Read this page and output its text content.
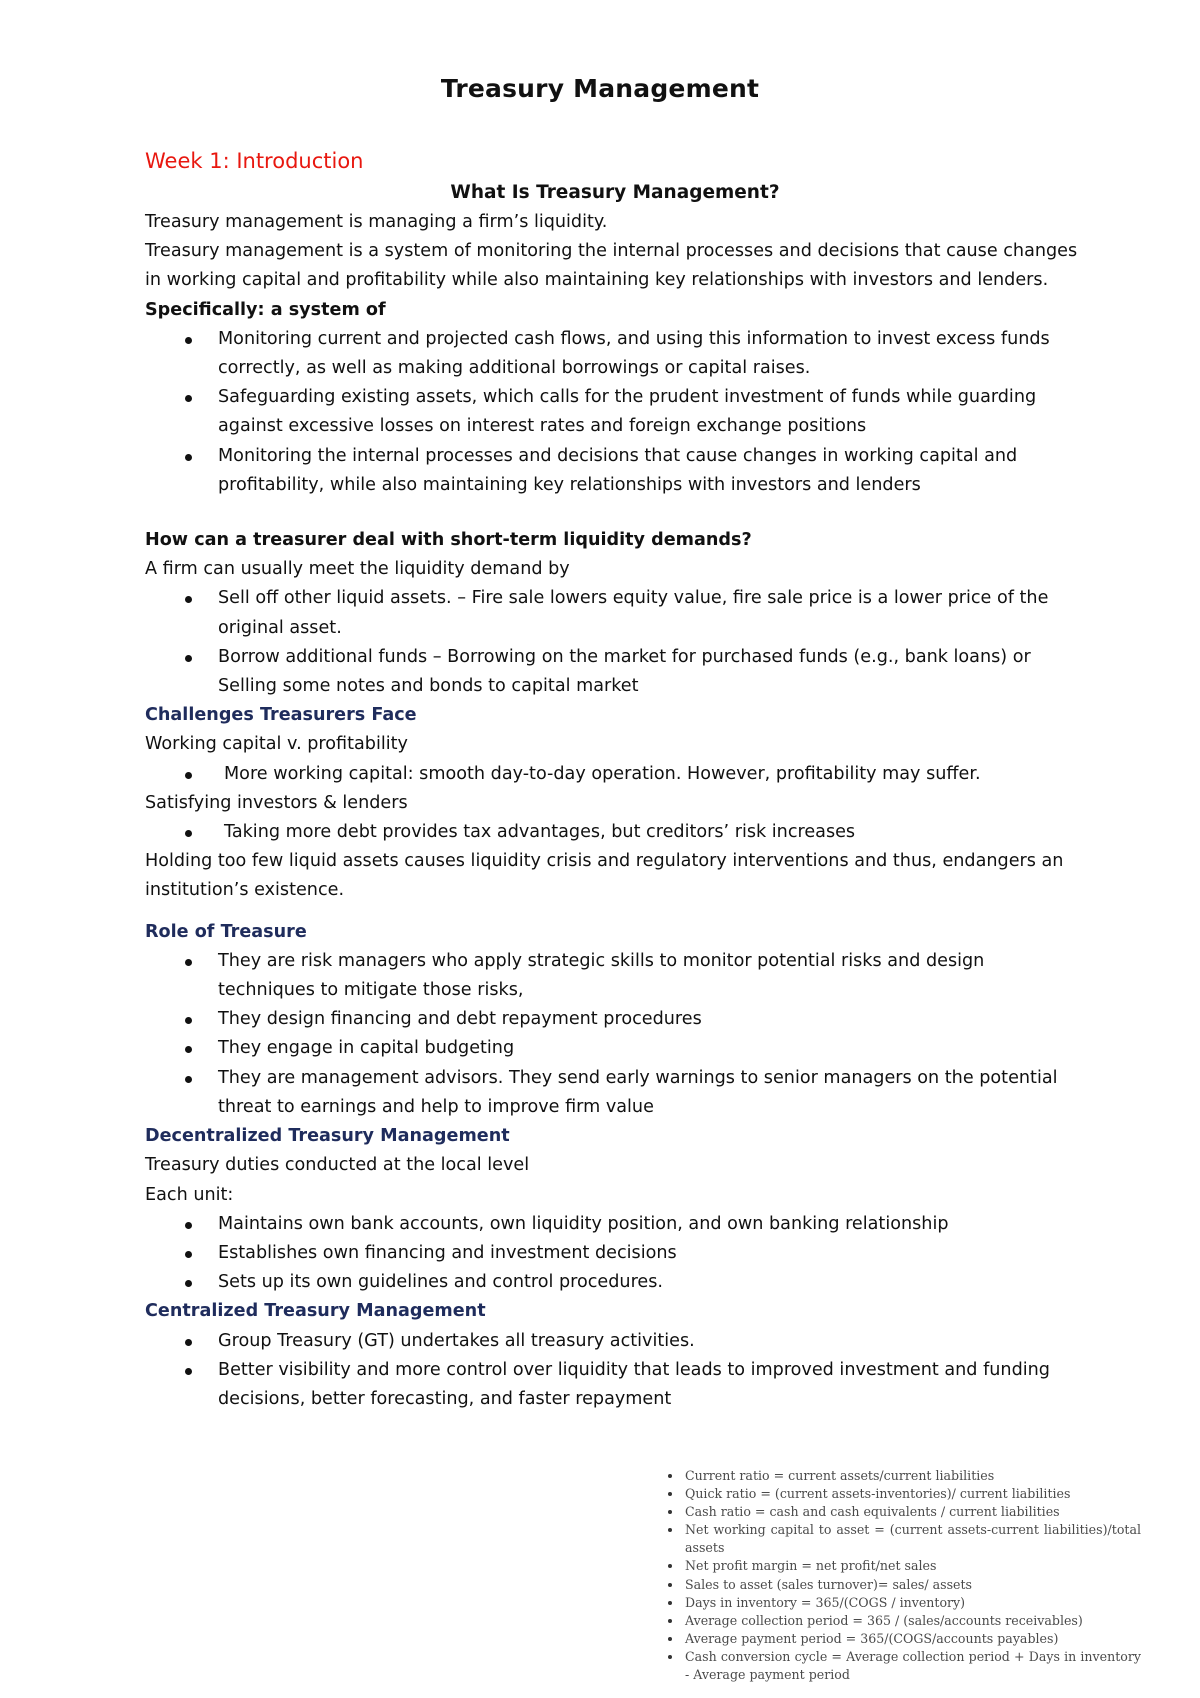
Treasury Management
Week 1: Introduction
What Is Treasury Management?

Treasury management is managing a firm’s liquidity.

Treasury management is a system of monitoring the internal processes and decisions that cause changes in working capital and profitability while also maintaining key relationships with investors and lenders.

Specifically: a system of

Monitoring current and projected cash flows, and using this information to invest excess funds correctly, as well as making additional borrowings or capital raises.
Safeguarding existing assets, which calls for the prudent investment of funds while guarding against excessive losses on interest rates and foreign exchange positions
Monitoring the internal processes and decisions that cause changes in working capital and profitability, while also maintaining key relationships with investors and lenders

How can a treasurer deal with short-term liquidity demands?

A firm can usually meet the liquidity demand by

Sell off other liquid assets. – Fire sale lowers equity value, fire sale price is a lower price of the original asset.
Borrow additional funds – Borrowing on the market for purchased funds (e.g., bank loans) or Selling some notes and bonds to capital market

Challenges Treasurers Face

Working capital v. profitability

More working capital: smooth day-to-day operation. However, profitability may suffer.

Satisfying investors & lenders

Taking more debt provides tax advantages, but creditors’ risk increases

Holding too few liquid assets causes liquidity crisis and regulatory interventions and thus, endangers an institution’s existence.

Role of Treasure

They are risk managers who apply strategic skills to monitor potential risks and design techniques to mitigate those risks,
They design financing and debt repayment procedures
They engage in capital budgeting
They are management advisors. They send early warnings to senior managers on the potential threat to earnings and help to improve firm value

Decentralized Treasury Management

Treasury duties conducted at the local level

Each unit:

Maintains own bank accounts, own liquidity position, and own banking relationship
Establishes own financing and investment decisions
Sets up its own guidelines and control procedures.

Centralized Treasury Management

Group Treasury (GT) undertakes all treasury activities.
Better visibility and more control over liquidity that leads to improved investment and funding decisions, better forecasting, and faster repayment
Current ratio = current assets/current liabilities
Quick ratio = (current assets-inventories)/ current liabilities
Cash ratio = cash and cash equivalents / current liabilities
Net working capital to asset = (current assets-current liabilities)/total assets
Net profit margin = net profit/net sales
Sales to asset (sales turnover)= sales/ assets
Days in inventory = 365/(COGS / inventory)
Average collection period = 365 / (sales/accounts receivables)
Average payment period = 365/(COGS/accounts payables)
Cash conversion cycle = Average collection period + Days in inventory - Average payment period
